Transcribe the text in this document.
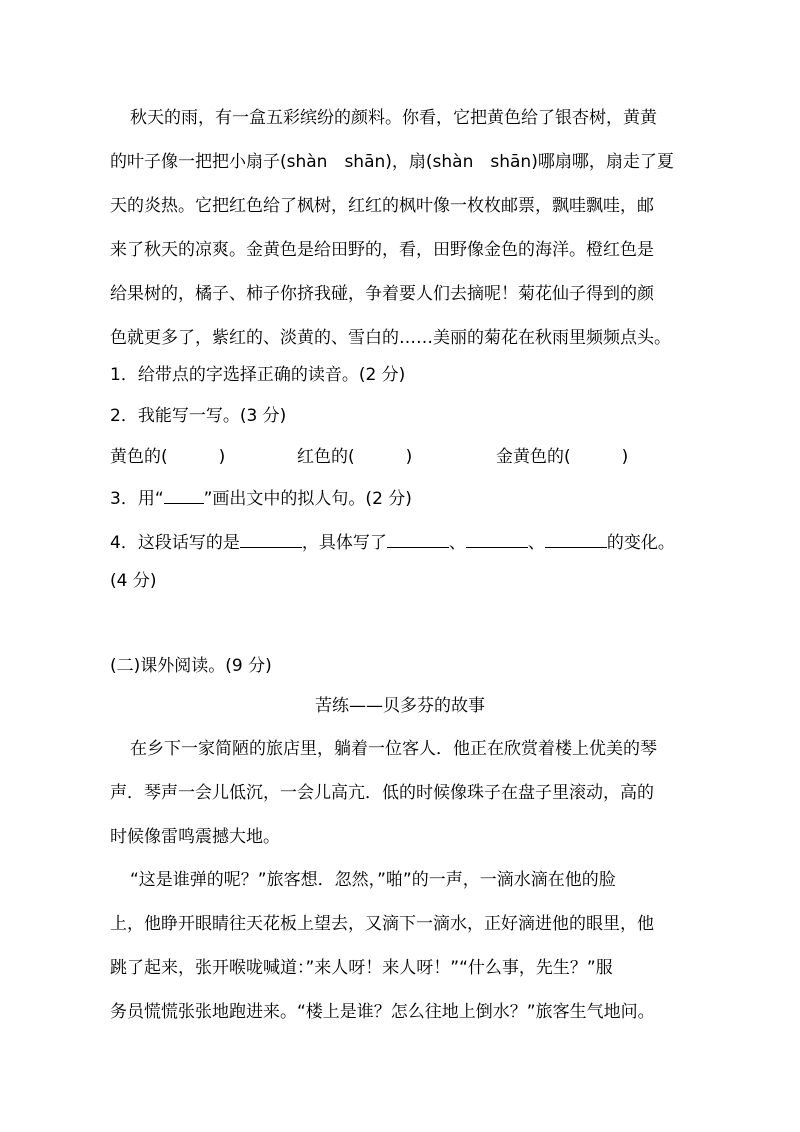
秋天的雨，有一盒五彩缤纷的颜料。你看，它把黄色给了银杏树，黄黄
的叶子像一把把小扇子(shàn　shān)，扇(shàn　shān)哪扇哪，扇走了夏
天的炎热。它把红色给了枫树，红红的枫叶像一枚枚邮票，飘哇飘哇，邮
来了秋天的凉爽。金黄色是给田野的，看，田野像金色的海洋。橙红色是
给果树的，橘子、柿子你挤我碰，争着要人们去摘呢！菊花仙子得到的颜
色就更多了，紫红的、淡黄的、雪白的……美丽的菊花在秋雨里频频点头。
1．给带点的字选择正确的读音。(2 分)
2．我能写一写。(3 分)
黄色的(　　　)	红色的(　　　)	金黄色的(　　　)
3．用“ ”画出文中的拟人句。(2 分)
4．这段话写的是	，具体写了	、	、	的变化。
(4 分)
(二)课外阅读。(9 分)
苦练——贝多芬的故事
在乡下一家简陋的旅店里，躺着一位客人．他正在欣赏着楼上优美的琴
声．琴声一会儿低沉，一会儿高亢．低的时候像珠子在盘子里滚动，高的
时候像雷鸣震撼大地。
“这是谁弹的呢？”旅客想．忽然，”啪”的一声，一滴水滴在他的脸
上，他睁开眼睛往天花板上望去，又滴下一滴水，正好滴进他的眼里，他
跳了起来，张开喉咙喊道：”来人呀！来人呀！”“什么事，先生？”服
务员慌慌张张地跑进来。“楼上是谁？怎么往地上倒水？”旅客生气地问。
